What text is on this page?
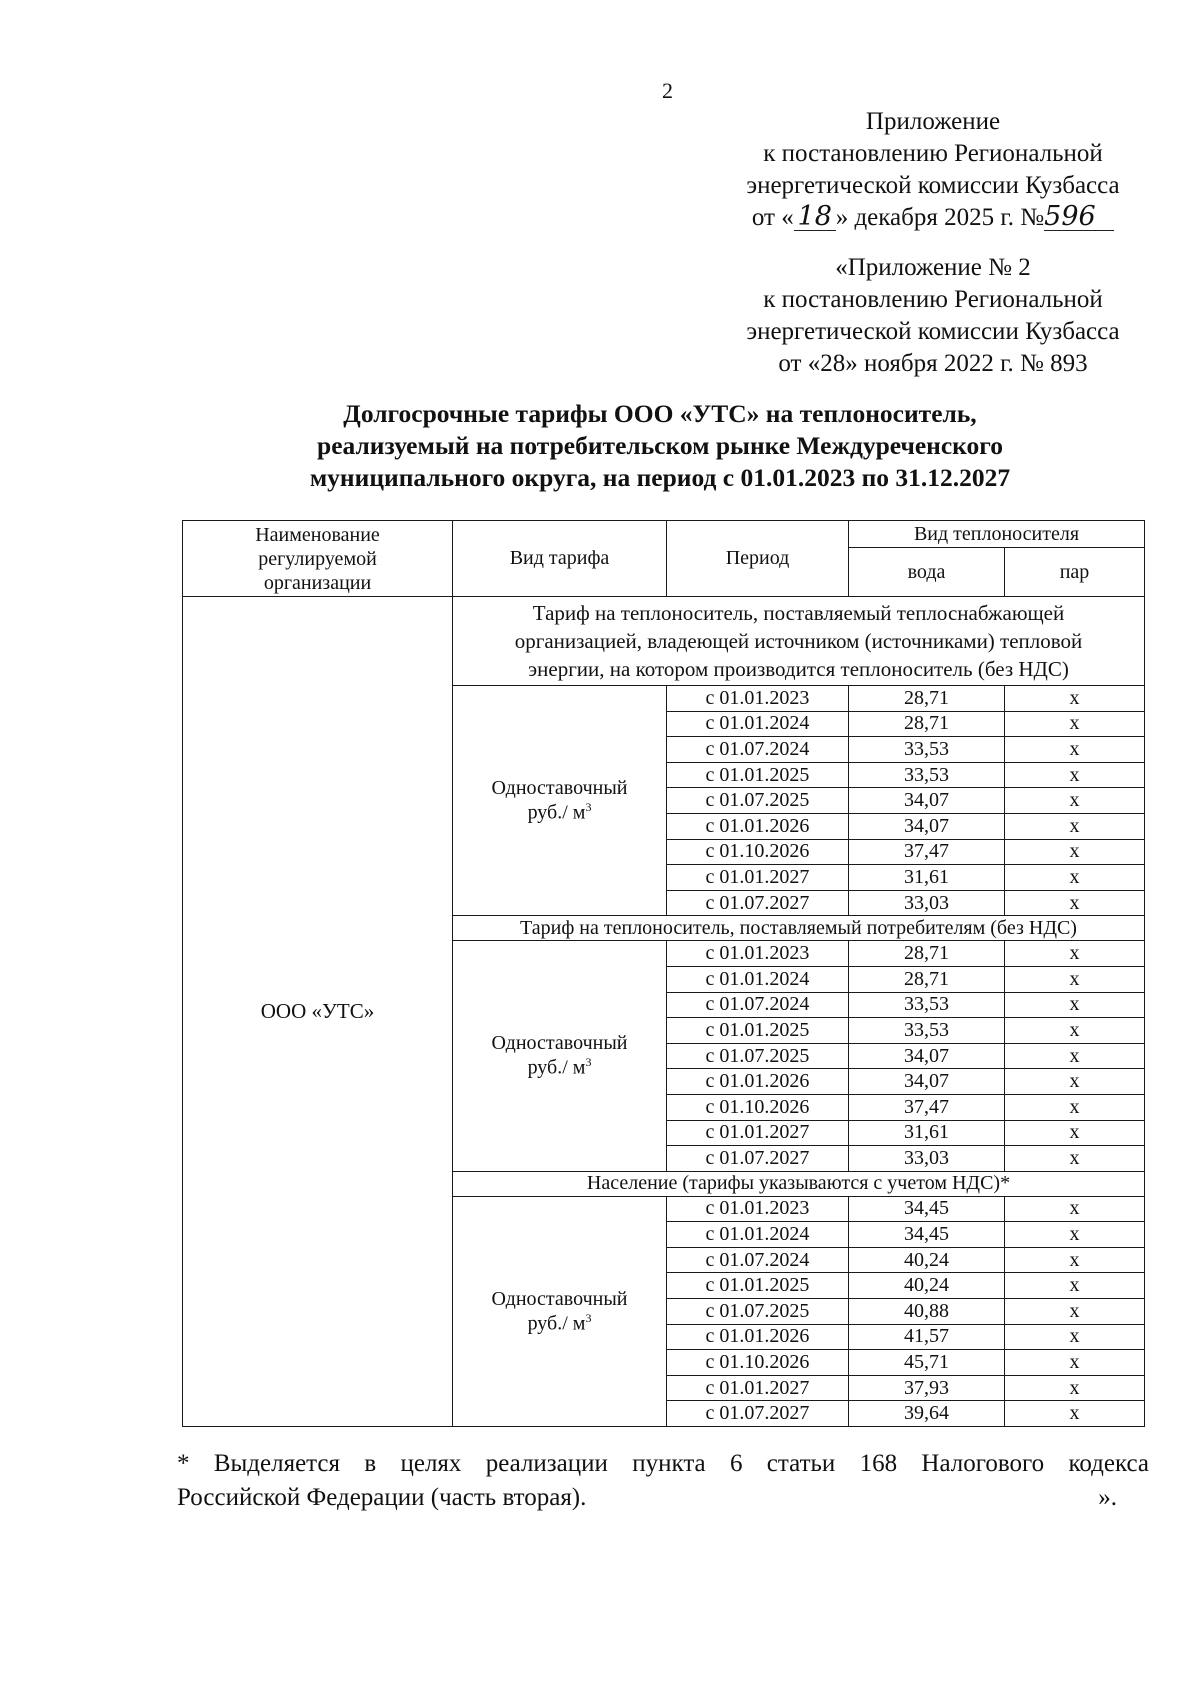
2
Приложение
к постановлению Региональной
энергетической комиссии Кузбасса
от « 18 » декабря 2025 г. №596
«Приложение № 2
к постановлению Региональной
энергетической комиссии Кузбасса
от «28» ноября 2022 г. № 893
Долгосрочные тарифы ООО «УТС» на теплоноситель,
реализуемый на потребительском рынке Междуреченского
муниципального округа, на период с 01.01.2023 по 31.12.2027
Наименование
регулируемой
организации	Вид тарифа	Период	Вид теплоносителя	
			вода	пар
ООО «УТС»	Тариф на теплоноситель, поставляемый теплоснабжающей
организацией, владеющей источником (источниками) тепловой
энергии, на котором производится теплоноситель (без НДС)			

	Одноставочный
руб./ $м^3$	с 01.01.2023	28,71	x
		с 01.01.2024	28,71	x
		с 01.07.2024	33,53	x
		с 01.01.2025	33,53	x
		с 01.07.2025	34,07	x
		с 01.01.2026	34,07	x
		с 01.10.2026	37,47	x
		с 01.01.2027	31,61	x
		с 01.07.2027	33,03	x

	Тариф на теплоноситель, поставляемый потребителям (без НДС)			

	Одноставочный
руб./ $м^3$	с 01.01.2023	28,71	x
		с 01.01.2024	28,71	x
		с 01.07.2024	33,53	x
		с 01.01.2025	33,53	x
		с 01.07.2025	34,07	x
		с 01.01.2026	34,07	x
		с 01.10.2026	37,47	x
		с 01.01.2027	31,61	x
		с 01.07.2027	33,03	x

	Население (тарифы указываются с учетом НДС)*			

	Одноставочный
руб./ $м^3$	с 01.01.2023	34,45	x
		с 01.01.2024	34,45	x
		с 01.07.2024	40,24	x
		с 01.01.2025	40,24	x
		с 01.07.2025	40,88	x
		с 01.01.2026	41,57	x
		с 01.10.2026	45,71	x
		с 01.01.2027	37,93	x
		с 01.07.2027	39,64	x
* Выделяется в целях реализации пункта 6 статьи 168 Налогового кодекса
Российской Федерации (часть вторая).	».
